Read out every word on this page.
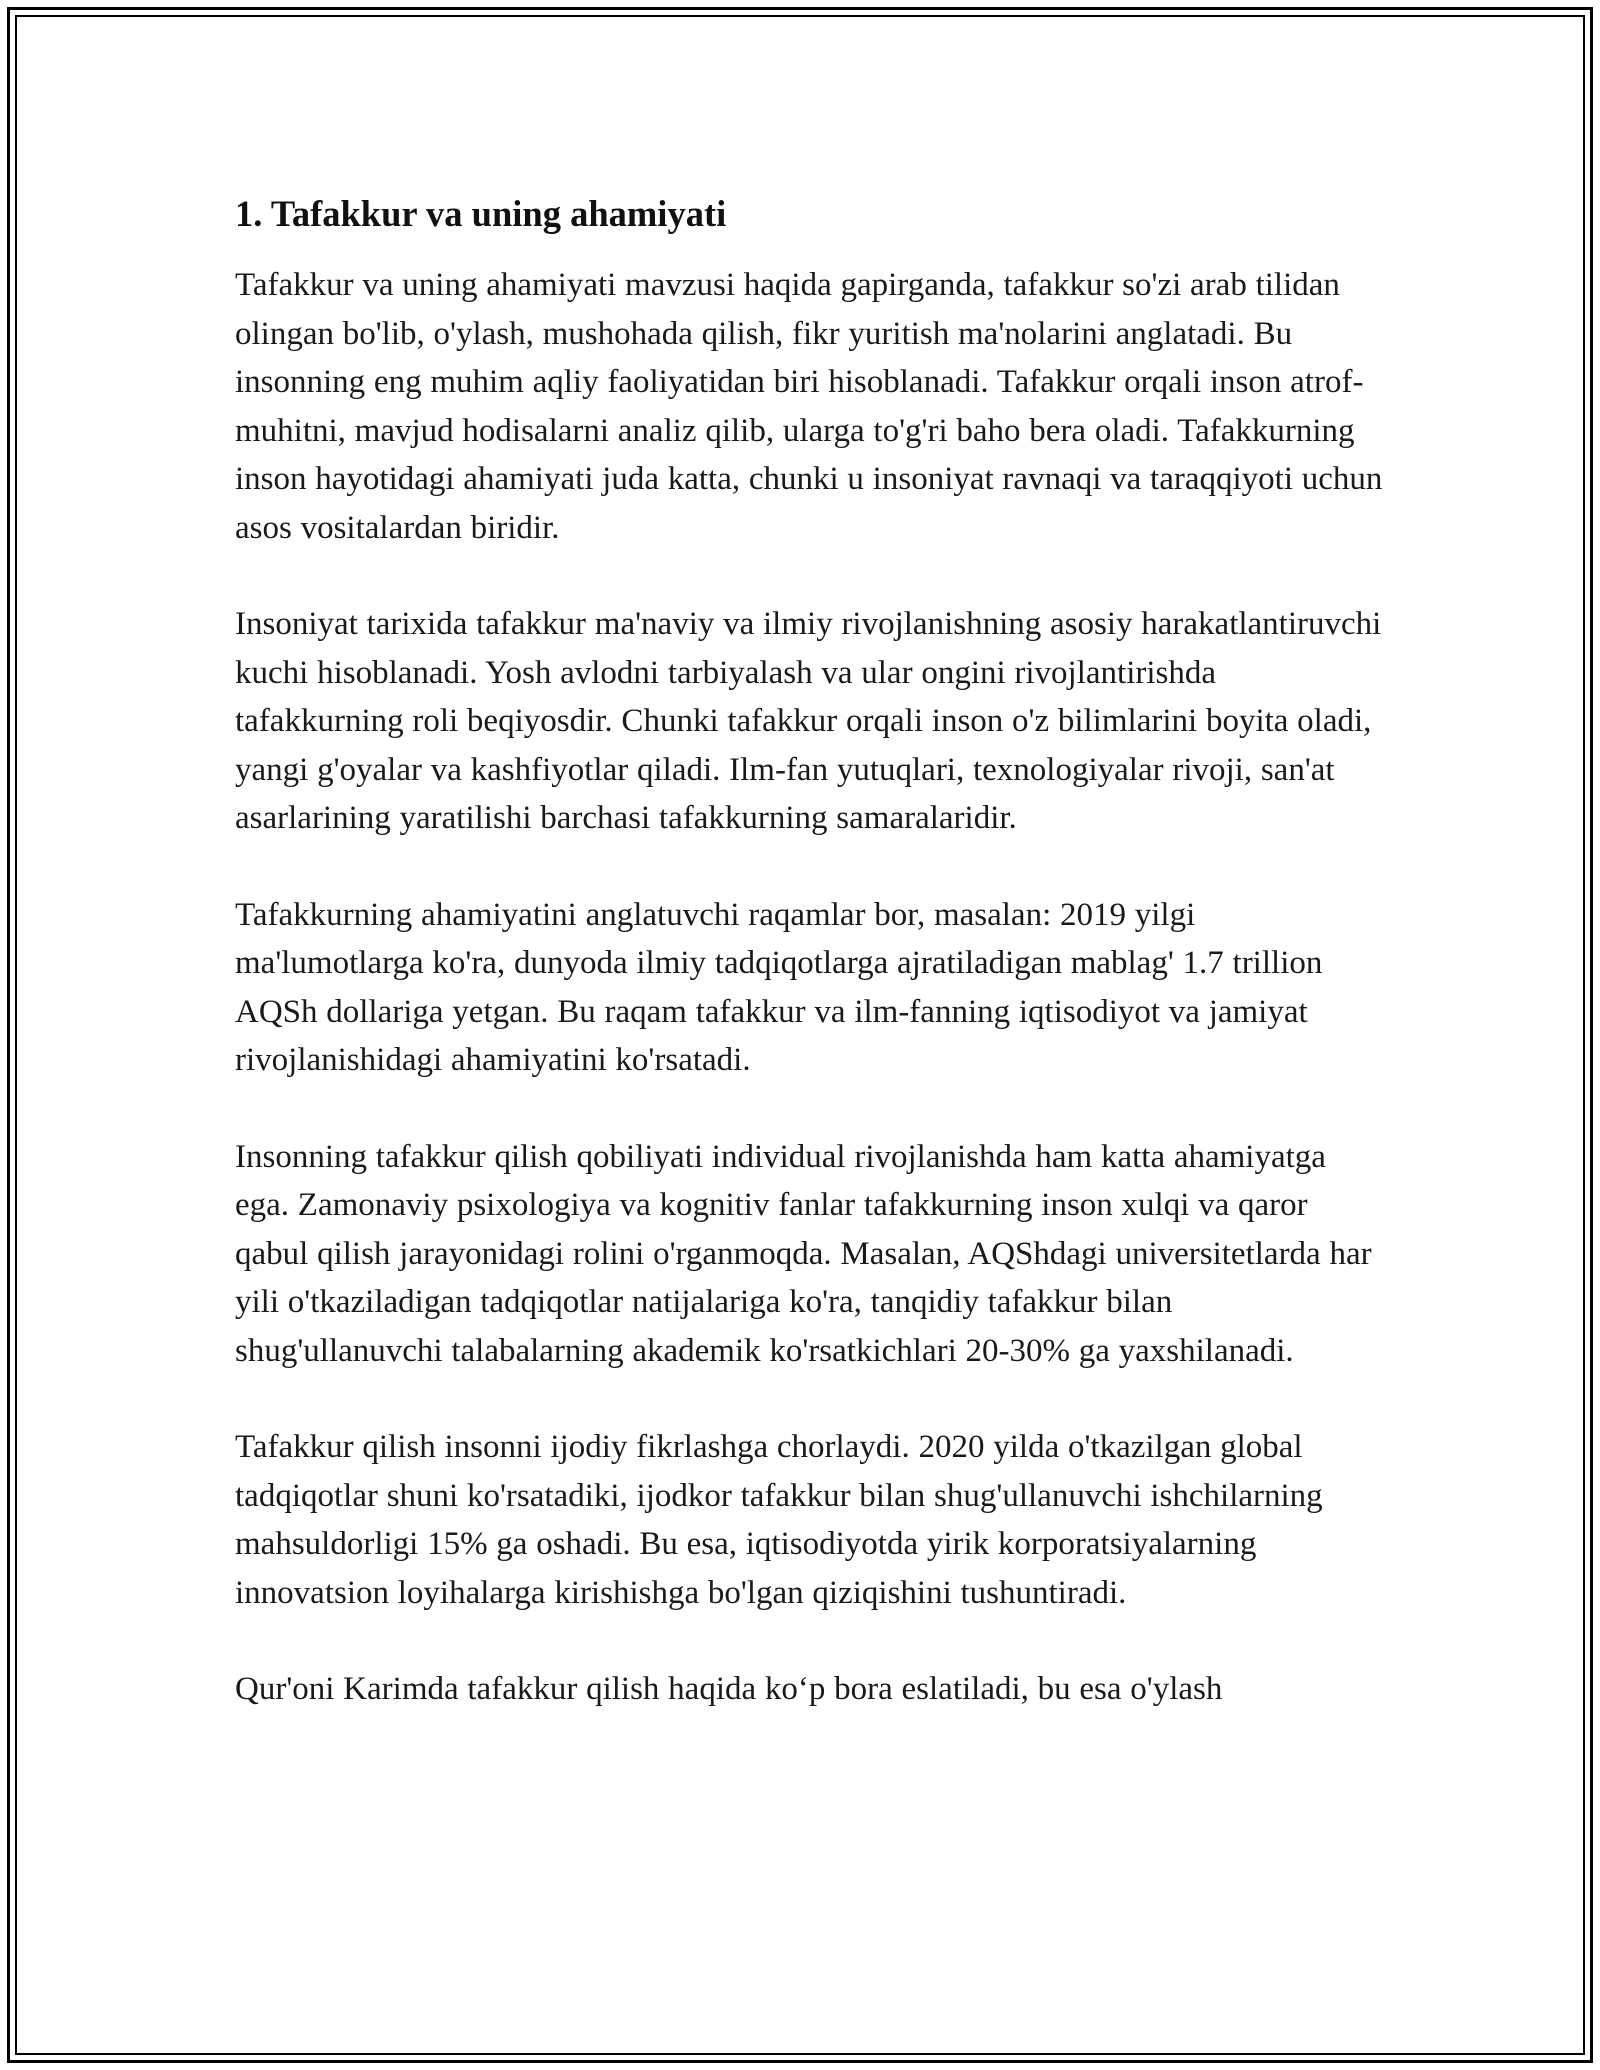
1. Tafakkur va uning ahamiyati

Tafakkur va uning ahamiyati mavzusi haqida gapirganda, tafakkur so'zi arab tilidan olingan bo'lib, o'ylash, mushohada qilish, fikr yuritish ma'nolarini anglatadi. Bu insonning eng muhim aqliy faoliyatidan biri hisoblanadi. Tafakkur orqali inson atrof-muhitni, mavjud hodisalarni analiz qilib, ularga to'g'ri baho bera oladi. Tafakkurning inson hayotidagi ahamiyati juda katta, chunki u insoniyat ravnaqi va taraqqiyoti uchun asos vositalardan biridir.

Insoniyat tarixida tafakkur ma'naviy va ilmiy rivojlanishning asosiy harakatlantiruvchi kuchi hisoblanadi. Yosh avlodni tarbiyalash va ular ongini rivojlantirishda tafakkurning roli beqiyosdir. Chunki tafakkur orqali inson o'z bilimlarini boyita oladi, yangi g'oyalar va kashfiyotlar qiladi. Ilm-fan yutuqlari, texnologiyalar rivoji, san'at asarlarining yaratilishi barchasi tafakkurning samaralaridir.

Tafakkurning ahamiyatini anglatuvchi raqamlar bor, masalan: 2019 yilgi ma'lumotlarga ko'ra, dunyoda ilmiy tadqiqotlarga ajratiladigan mablag' 1.7 trillion AQSh dollariga yetgan. Bu raqam tafakkur va ilm-fanning iqtisodiyot va jamiyat rivojlanishidagi ahamiyatini ko'rsatadi.

Insonning tafakkur qilish qobiliyati individual rivojlanishda ham katta ahamiyatga ega. Zamonaviy psixologiya va kognitiv fanlar tafakkurning inson xulqi va qaror qabul qilish jarayonidagi rolini o'rganmoqda. Masalan, AQShdagi universitetlarda har yili o'tkaziladigan tadqiqotlar natijalariga ko'ra, tanqidiy tafakkur bilan shug'ullanuvchi talabalarning akademik ko'rsatkichlari 20-30% ga yaxshilanadi.

Tafakkur qilish insonni ijodiy fikrlashga chorlaydi. 2020 yilda o'tkazilgan global tadqiqotlar shuni ko'rsatadiki, ijodkor tafakkur bilan shug'ullanuvchi ishchilarning mahsuldorligi 15% ga oshadi. Bu esa, iqtisodiyotda yirik korporatsiyalarning innovatsion loyihalarga kirishishga bo'lgan qiziqishini tushuntiradi.

Qur'oni Karimda tafakkur qilish haqida ko‘p bora eslatiladi, bu esa o'ylash
